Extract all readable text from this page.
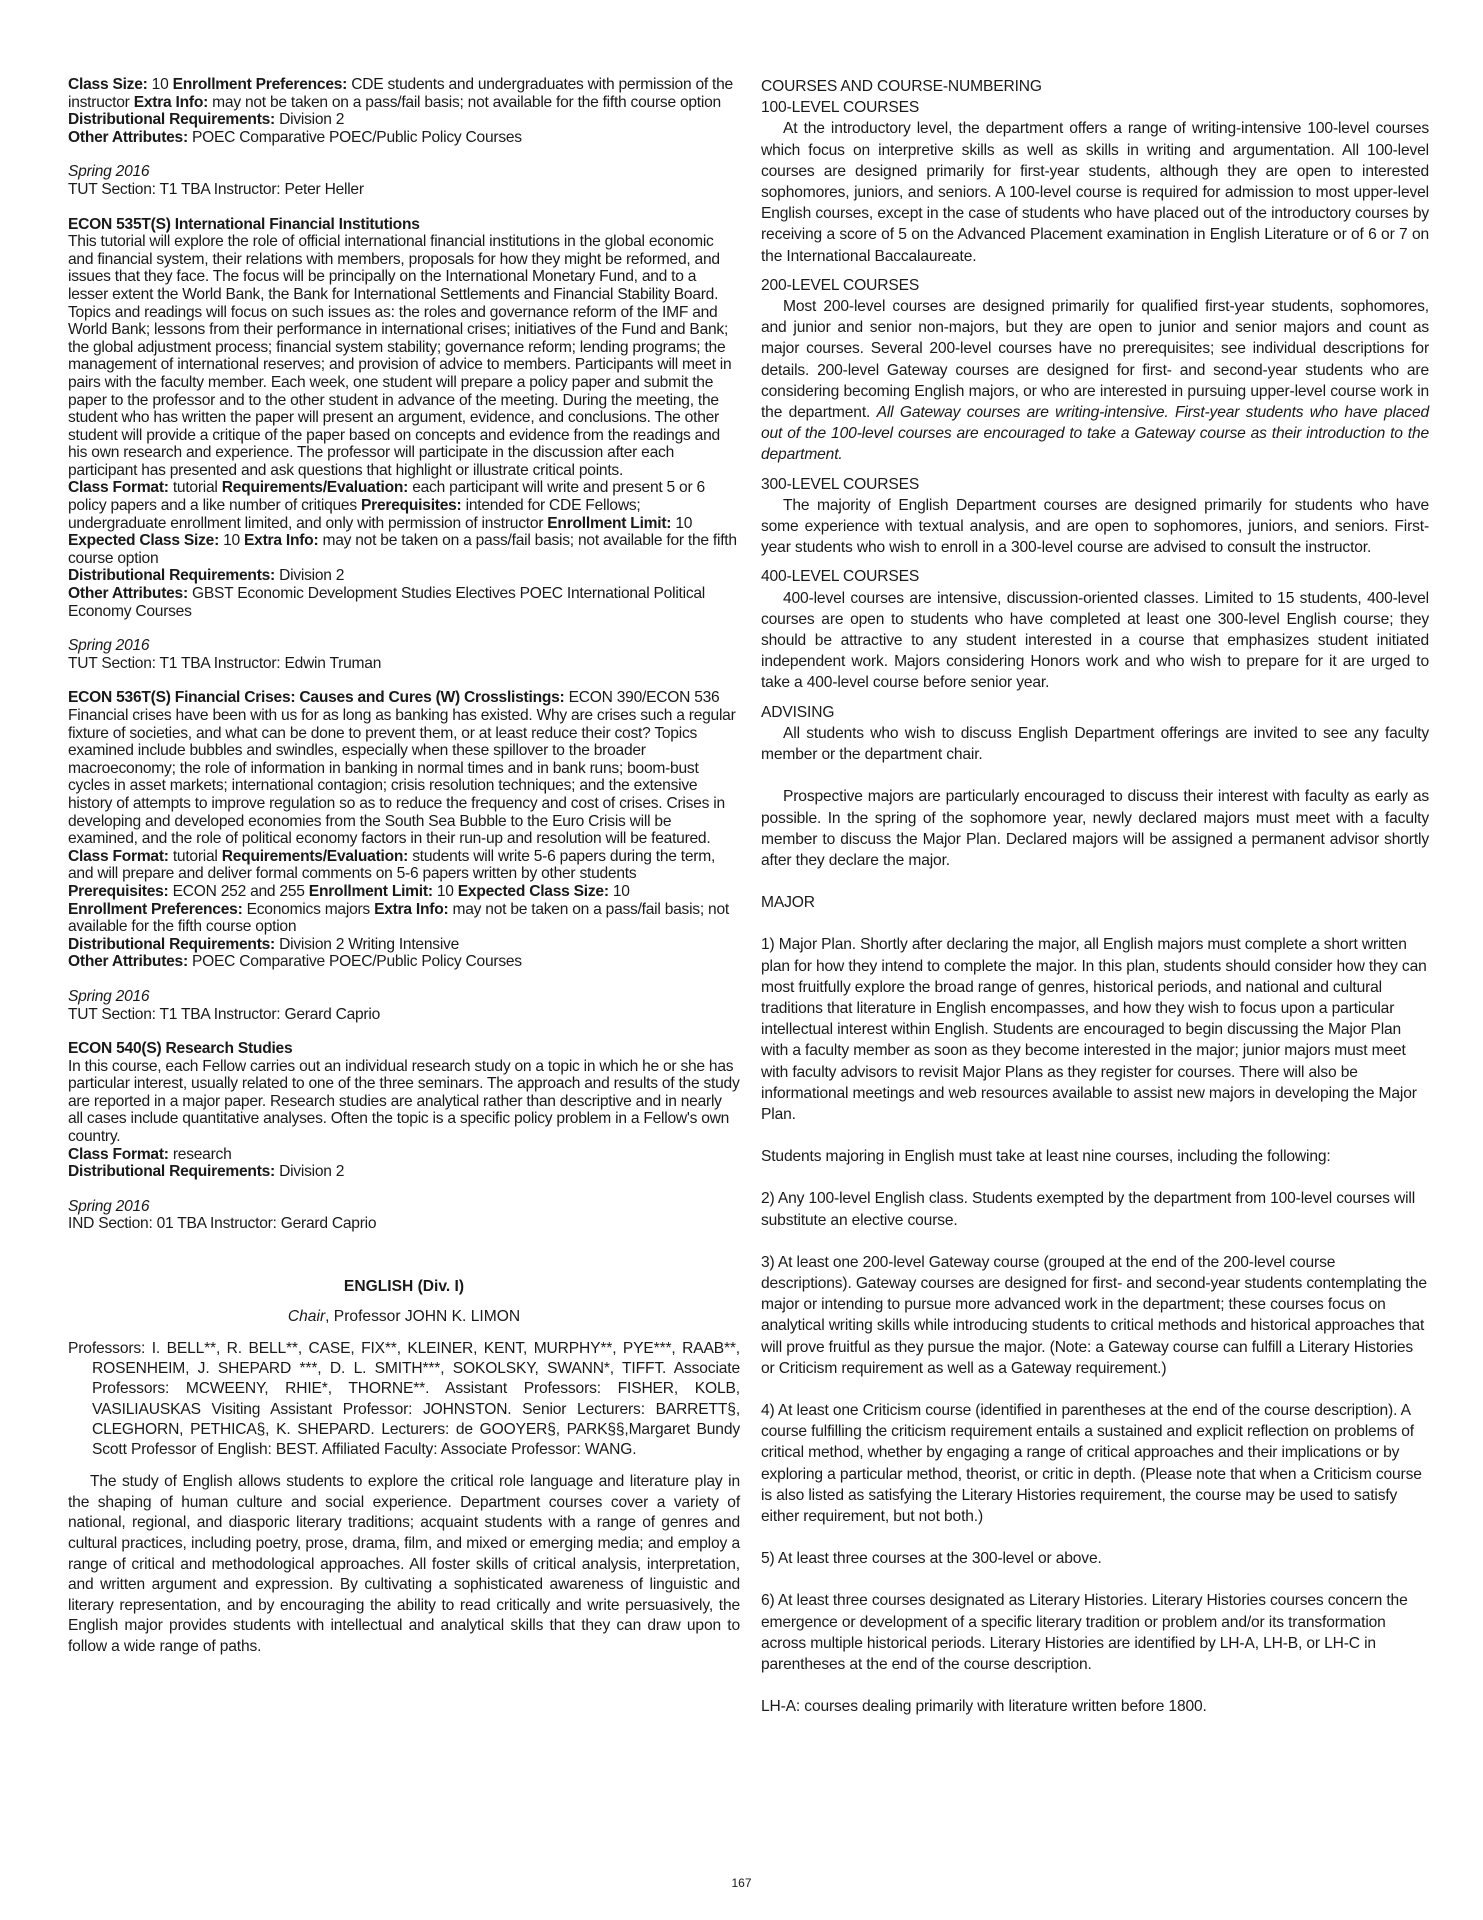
Class Size: 10 Enrollment Preferences: CDE students and undergraduates with permission of the instructor Extra Info: may not be taken on a pass/fail basis; not available for the fifth course option
Distributional Requirements: Division 2
Other Attributes: POEC Comparative POEC/Public Policy Courses
Spring 2016
TUT Section: T1 TBA Instructor: Peter Heller
ECON 535T(S) International Financial Institutions
This tutorial will explore the role of official international financial institutions in the global economic and financial system, their relations with members, proposals for how they might be reformed, and issues that they face. The focus will be principally on the International Monetary Fund, and to a lesser extent the World Bank, the Bank for International Settlements and Financial Stability Board. Topics and readings will focus on such issues as: the roles and governance reform of the IMF and World Bank; lessons from their performance in international crises; initiatives of the Fund and Bank; the global adjustment process; financial system stability; governance reform; lending programs; the management of international reserves; and provision of advice to members. Participants will meet in pairs with the faculty member. Each week, one student will prepare a policy paper and submit the paper to the professor and to the other student in advance of the meeting. During the meeting, the student who has written the paper will present an argument, evidence, and conclusions. The other student will provide a critique of the paper based on concepts and evidence from the readings and his own research and experience. The professor will participate in the discussion after each participant has presented and ask questions that highlight or illustrate critical points.
Class Format: tutorial Requirements/Evaluation: each participant will write and present 5 or 6 policy papers and a like number of critiques Prerequisites: intended for CDE Fellows; undergraduate enrollment limited, and only with permission of instructor Enrollment Limit: 10 Expected Class Size: 10 Extra Info: may not be taken on a pass/fail basis; not available for the fifth course option
Distributional Requirements: Division 2
Other Attributes: GBST Economic Development Studies Electives POEC International Political Economy Courses
Spring 2016
TUT Section: T1 TBA Instructor: Edwin Truman
ECON 536T(S) Financial Crises: Causes and Cures (W) Crosslistings: ECON 390/ECON 536
Financial crises have been with us for as long as banking has existed. Why are crises such a regular fixture of societies, and what can be done to prevent them, or at least reduce their cost? Topics examined include bubbles and swindles, especially when these spillover to the broader macroeconomy; the role of information in banking in normal times and in bank runs; boom-bust cycles in asset markets; international contagion; crisis resolution techniques; and the extensive history of attempts to improve regulation so as to reduce the frequency and cost of crises. Crises in developing and developed economies from the South Sea Bubble to the Euro Crisis will be examined, and the role of political economy factors in their run-up and resolution will be featured.
Class Format: tutorial Requirements/Evaluation: students will write 5-6 papers during the term, and will prepare and deliver formal comments on 5-6 papers written by other students
Prerequisites: ECON 252 and 255 Enrollment Limit: 10 Expected Class Size: 10
Enrollment Preferences: Economics majors Extra Info: may not be taken on a pass/fail basis; not available for the fifth course option
Distributional Requirements: Division 2 Writing Intensive
Other Attributes: POEC Comparative POEC/Public Policy Courses
Spring 2016
TUT Section: T1 TBA Instructor: Gerard Caprio
ECON 540(S) Research Studies
In this course, each Fellow carries out an individual research study on a topic in which he or she has particular interest, usually related to one of the three seminars. The approach and results of the study are reported in a major paper. Research studies are analytical rather than descriptive and in nearly all cases include quantitative analyses. Often the topic is a specific policy problem in a Fellow's own country.
Class Format: research
Distributional Requirements: Division 2
Spring 2016
IND Section: 01 TBA Instructor: Gerard Caprio
ENGLISH (Div. I)
Chair, Professor JOHN K. LIMON
Professors: I. BELL**, R. BELL**, CASE, FIX**, KLEINER, KENT, MURPHY**, PYE***, RAAB**, ROSENHEIM, J. SHEPARD ***, D. L. SMITH***, SOKOLSKY, SWANN*, TIFFT. Associate Professors: MCWEENY, RHIE*, THORNE**. Assistant Professors: FISHER, KOLB, VASILIAUSKAS Visiting Assistant Professor: JOHNSTON. Senior Lecturers: BARRETT§, CLEGHORN, PETHICA§, K. SHEPARD. Lecturers: de GOOYER§, PARK§§,Margaret Bundy Scott Professor of English: BEST. Affiliated Faculty: Associate Professor: WANG.
The study of English allows students to explore the critical role language and literature play in the shaping of human culture and social experience. Department courses cover a variety of national, regional, and diasporic literary traditions; acquaint students with a range of genres and cultural practices, including poetry, prose, drama, film, and mixed or emerging media; and employ a range of critical and methodological approaches. All foster skills of critical analysis, interpretation, and written argument and expression. By cultivating a sophisticated awareness of linguistic and literary representation, and by encouraging the ability to read critically and write persuasively, the English major provides students with intellectual and analytical skills that they can draw upon to follow a wide range of paths.
COURSES AND COURSE-NUMBERING
100-LEVEL COURSES
At the introductory level, the department offers a range of writing-intensive 100-level courses which focus on interpretive skills as well as skills in writing and argumentation. All 100-level courses are designed primarily for first-year students, although they are open to interested sophomores, juniors, and seniors. A 100-level course is required for admission to most upper-level English courses, except in the case of students who have placed out of the introductory courses by receiving a score of 5 on the Advanced Placement examination in English Literature or of 6 or 7 on the International Baccalaureate.
200-LEVEL COURSES
Most 200-level courses are designed primarily for qualified first-year students, sophomores, and junior and senior non-majors, but they are open to junior and senior majors and count as major courses. Several 200-level courses have no prerequisites; see individual descriptions for details. 200-level Gateway courses are designed for first- and second-year students who are considering becoming English majors, or who are interested in pursuing upper-level course work in the department. All Gateway courses are writing-intensive. First-year students who have placed out of the 100-level courses are encouraged to take a Gateway course as their introduction to the department.
300-LEVEL COURSES
The majority of English Department courses are designed primarily for students who have some experience with textual analysis, and are open to sophomores, juniors, and seniors. First-year students who wish to enroll in a 300-level course are advised to consult the instructor.
400-LEVEL COURSES
400-level courses are intensive, discussion-oriented classes. Limited to 15 students, 400-level courses are open to students who have completed at least one 300-level English course; they should be attractive to any student interested in a course that emphasizes student initiated independent work. Majors considering Honors work and who wish to prepare for it are urged to take a 400-level course before senior year.
ADVISING
All students who wish to discuss English Department offerings are invited to see any faculty member or the department chair.
Prospective majors are particularly encouraged to discuss their interest with faculty as early as possible. In the spring of the sophomore year, newly declared majors must meet with a faculty member to discuss the Major Plan. Declared majors will be assigned a permanent advisor shortly after they declare the major.
MAJOR
1) Major Plan. Shortly after declaring the major, all English majors must complete a short written plan for how they intend to complete the major. In this plan, students should consider how they can most fruitfully explore the broad range of genres, historical periods, and national and cultural traditions that literature in English encompasses, and how they wish to focus upon a particular intellectual interest within English. Students are encouraged to begin discussing the Major Plan with a faculty member as soon as they become interested in the major; junior majors must meet with faculty advisors to revisit Major Plans as they register for courses. There will also be informational meetings and web resources available to assist new majors in developing the Major Plan.
Students majoring in English must take at least nine courses, including the following:
2) Any 100-level English class. Students exempted by the department from 100-level courses will substitute an elective course.
3) At least one 200-level Gateway course (grouped at the end of the 200-level course descriptions). Gateway courses are designed for first- and second-year students contemplating the major or intending to pursue more advanced work in the department; these courses focus on analytical writing skills while introducing students to critical methods and historical approaches that will prove fruitful as they pursue the major. (Note: a Gateway course can fulfill a Literary Histories or Criticism requirement as well as a Gateway requirement.)
4) At least one Criticism course (identified in parentheses at the end of the course description). A course fulfilling the criticism requirement entails a sustained and explicit reflection on problems of critical method, whether by engaging a range of critical approaches and their implications or by exploring a particular method, theorist, or critic in depth. (Please note that when a Criticism course is also listed as satisfying the Literary Histories requirement, the course may be used to satisfy either requirement, but not both.)
5) At least three courses at the 300-level or above.
6) At least three courses designated as Literary Histories. Literary Histories courses concern the emergence or development of a specific literary tradition or problem and/or its transformation across multiple historical periods. Literary Histories are identified by LH-A, LH-B, or LH-C in parentheses at the end of the course description.
LH-A: courses dealing primarily with literature written before 1800.
167
